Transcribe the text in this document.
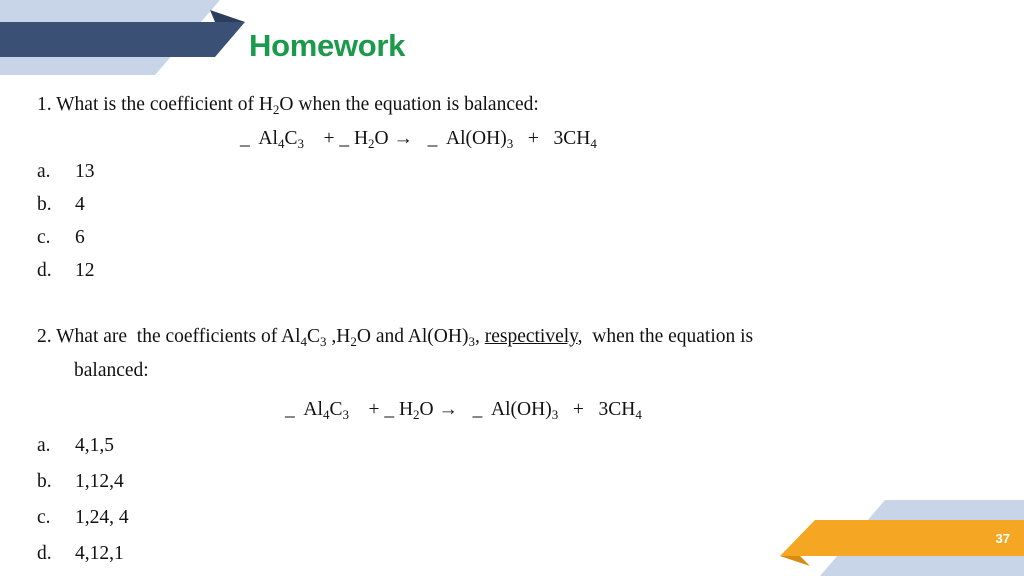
Homework
1. What is the coefficient of $H_2O$ when the equation is balanced:
_  $Al_4C_3$    + _ $H_2O$ →   _  $Al(OH)_3 + 3CH_4$
a.	13
b.	4
c.	6
d.	12
2. What are  the coefficients of $Al_4C_3$ $,H_2O$ and $Al(OH)_3$, respectively,  when the equation is
balanced:
_  $Al_4C_3$    + _ $H_2O$ →   _  $Al(OH)_3 + 3CH_4$
a.	4,1,5
b.	1,12,4
c.	1,24, 4
d.	4,12,1
37
